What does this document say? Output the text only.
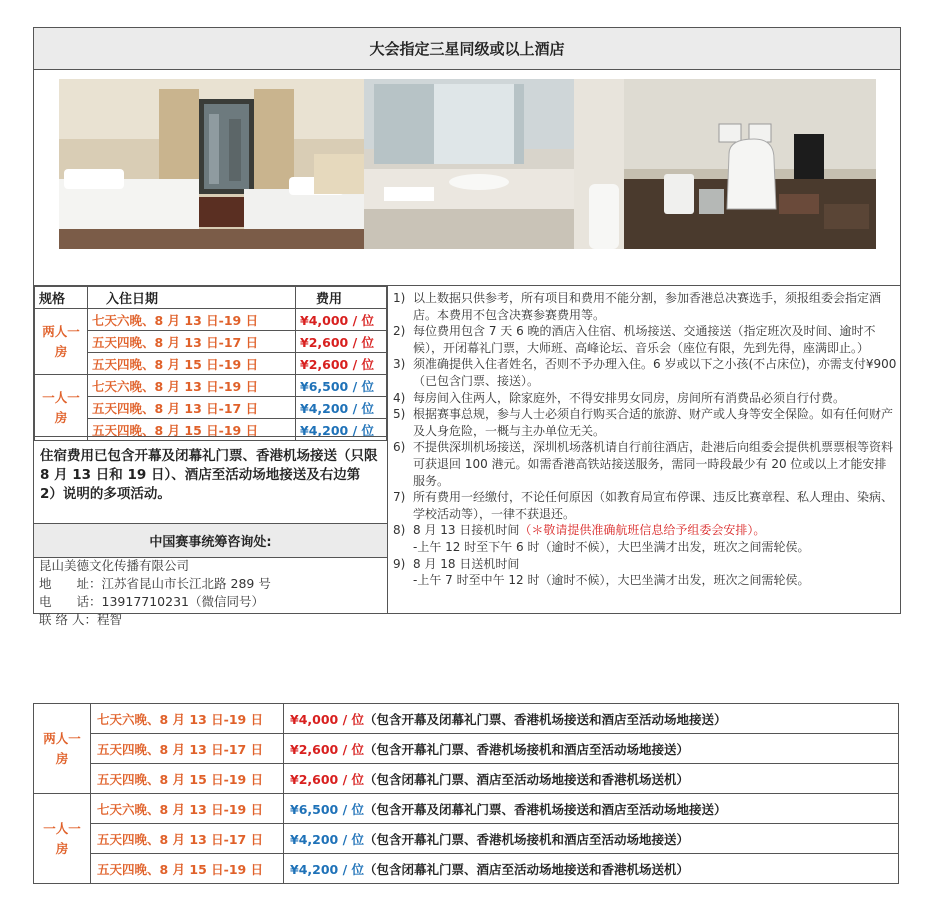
大会指定三星同级或以上酒店
规格	入住日期	费用
两人一房	七天六晚、8 月 13 日-19 日	¥4,000 / 位
	五天四晚、8 月 13 日-17 日	¥2,600 / 位
	五天四晚、8 月 15 日-19 日	¥2,600 / 位
一人一房	七天六晚、8 月 13 日-19 日	¥6,500 / 位
	五天四晚、8 月 13 日-17 日	¥4,200 / 位
	五天四晚、8 月 15 日-19 日	¥4,200 / 位
住宿费用已包含开幕及闭幕礼门票、香港机场接送（只限 8 月 13 日和 19 日）、酒店至活动场地接送及右边第 2）说明的多项活动。
中国赛事统筹咨询处:
昆山美德文化传播有限公司
地　　址：江苏省昆山市长江北路 289 号
电　　话：13917710231（微信同号）
联 络 人：程智
1) 以上数据只供参考，所有项目和费用不能分割，参加香港总决赛选手，须报组委会指定酒店。本费用不包含决赛参赛费用等。
2) 每位费用包含 7 天 6 晚的酒店入住宿、机场接送、交通接送（指定班次及时间、逾时不候），开闭幕礼门票，大师班、高峰论坛、音乐会（座位有限，先到先得，座满即止。）
3) 须准确提供入住者姓名，否则不予办理入住。6 岁或以下之小孩(不占床位)，亦需支付¥900（已包含门票、接送）。
4) 每房间入住两人，除家庭外，不得安排男女同房，房间所有消费品必须自行付费。
5) 根据赛事总规，参与人士必须自行购买合适的旅游、财产或人身等安全保险。如有任何财产及人身危险，一概与主办单位无关。
6) 不提供深圳机场接送，深圳机场落机请自行前往酒店，赴港后向组委会提供机票票根等资料可获退回 100 港元。如需香港高铁站接送服务，需同一時段最少有 20 位或以上才能安排服务。
7) 所有费用一经缴付，不论任何原因（如教育局宣布停课、违反比赛章程、私人理由、染病、学校活动等），一律不获退还。
8) 8 月 13 日接机时间（＊敬请提供准确航班信息给予组委会安排）。
-上午 12 时至下午 6 时（逾时不候），大巴坐满才出发，班次之间需轮侯。
9) 8 月 18 日送机时间
-上午 7 时至中午 12 时（逾时不候），大巴坐满才出发，班次之间需轮侯。
两人一房	七天六晚、8 月 13 日-19 日	¥4,000 / 位（包含开幕及闭幕礼门票、香港机场接送和酒店至活动场地接送）
	五天四晚、8 月 13 日-17 日	¥2,600 / 位（包含开幕礼门票、香港机场接机和酒店至活动场地接送）
	五天四晚、8 月 15 日-19 日	¥2,600 / 位（包含闭幕礼门票、酒店至活动场地接送和香港机场送机）
一人一房	七天六晚、8 月 13 日-19 日	¥6,500 / 位（包含开幕及闭幕礼门票、香港机场接送和酒店至活动场地接送）
	五天四晚、8 月 13 日-17 日	¥4,200 / 位（包含开幕礼门票、香港机场接机和酒店至活动场地接送）
	五天四晚、8 月 15 日-19 日	¥4,200 / 位（包含闭幕礼门票、酒店至活动场地接送和香港机场送机）
